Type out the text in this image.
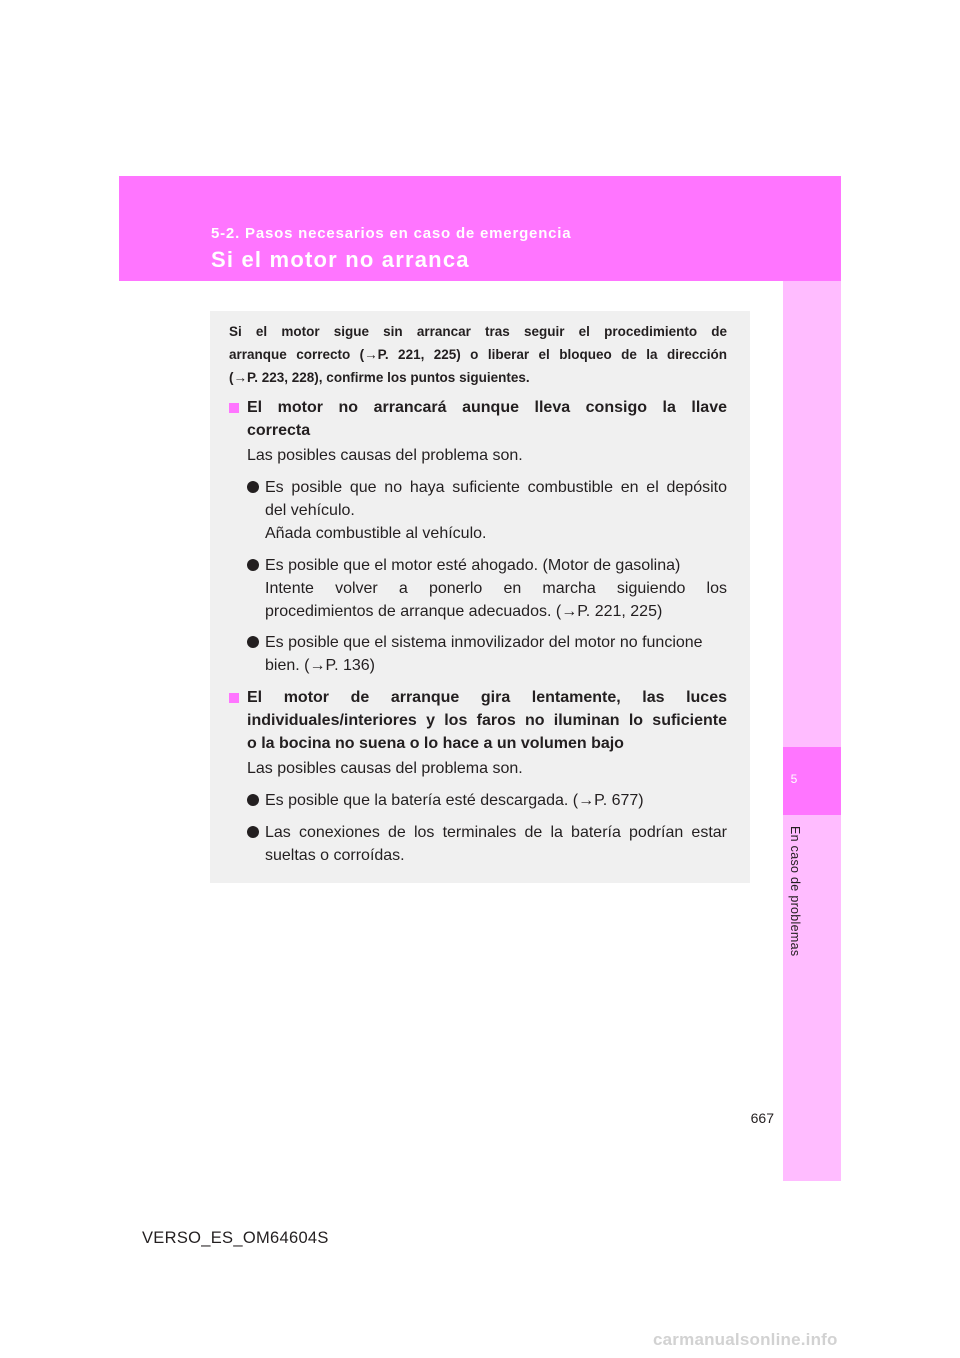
5-2. Pasos necesarios en caso de emergencia
Si el motor no arranca
5
En caso de problemas
Si el motor sigue sin arrancar tras seguir el procedimiento de
arranque correcto (→P. 221, 225) o liberar el bloqueo de la dirección
(→P. 223, 228), confirme los puntos siguientes.
El motor no arrancará aunque lleva consigo la llave
correcta
Las posibles causas del problema son.
Es posible que no haya suficiente combustible en el depósito
del vehículo.
Añada combustible al vehículo.
Es posible que el motor esté ahogado. (Motor de gasolina)
Intente volver a ponerlo en marcha siguiendo los
procedimientos de arranque adecuados. (→P. 221, 225)
Es posible que el sistema inmovilizador del motor no funcione
bien. (→P. 136)
El motor de arranque gira lentamente, las luces
individuales/interiores y los faros no iluminan lo suficiente
o la bocina no suena o lo hace a un volumen bajo
Las posibles causas del problema son.
Es posible que la batería esté descargada. (→P. 677)
Las conexiones de los terminales de la batería podrían estar
sueltas o corroídas.
667
VERSO_ES_OM64604S
carmanualsonline.info
